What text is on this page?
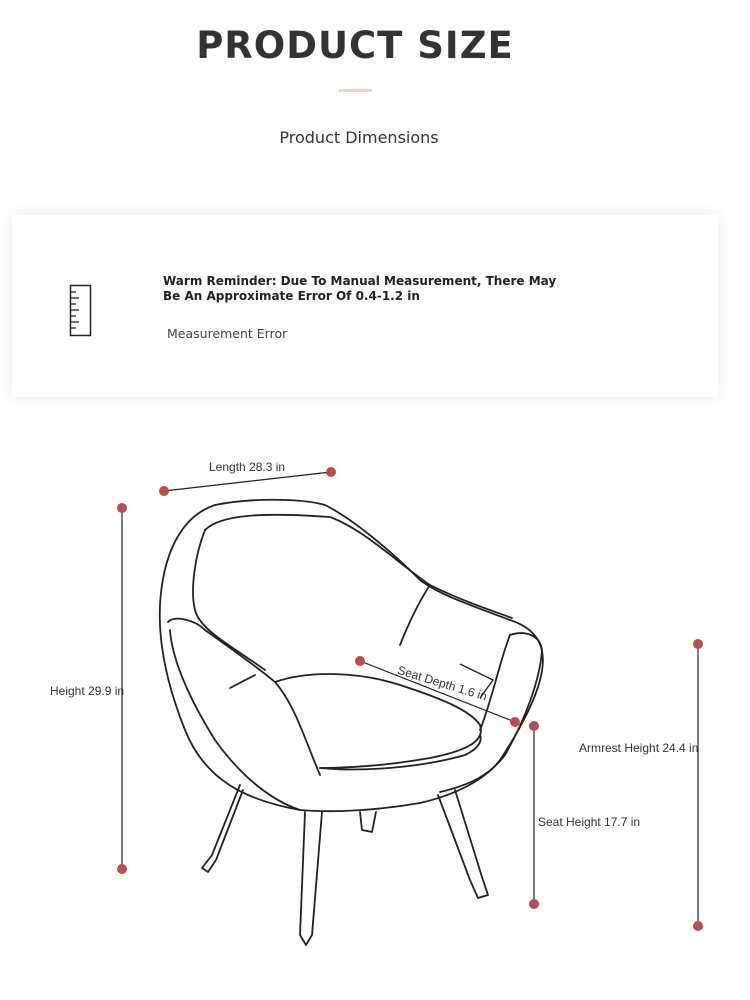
PRODUCT SIZE
Product Dimensions
Warm Reminder: Due To Manual Measurement, There May Be An Approximate Error Of 0.4-1.2 in
Measurement Error
Length 28.3 in
Height 29.9 in	Seat Depth 1.6 in
Armrest Height 24.4 in
Seat Height 17.7 in
